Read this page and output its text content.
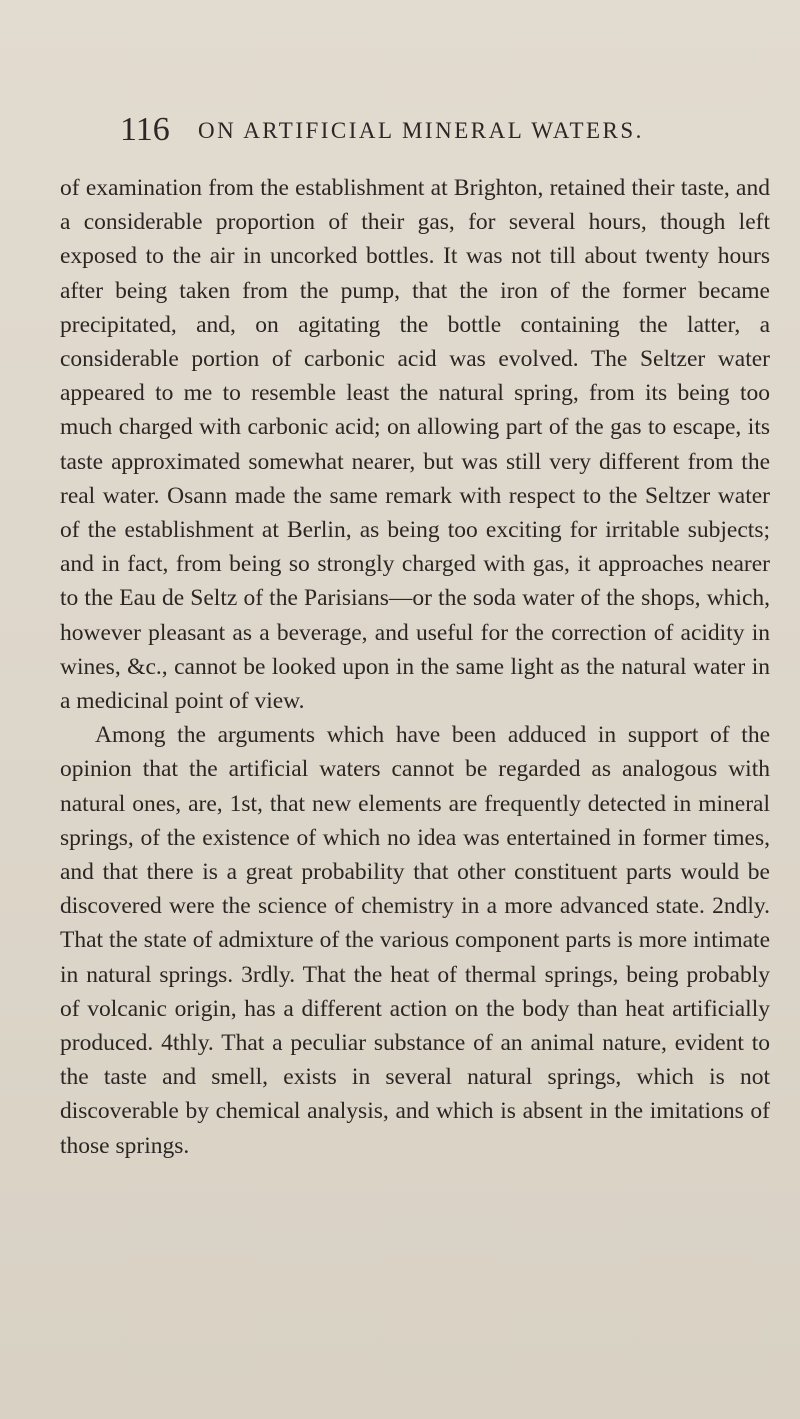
116 ON ARTIFICIAL MINERAL WATERS.

of examination from the establishment at Brighton, retained their taste, and a considerable proportion of their gas, for several hours, though left exposed to the air in uncorked bottles. It was not till about twenty hours after being taken from the pump, that the iron of the former became precipitated, and, on agitating the bottle containing the latter, a considerable portion of carbonic acid was evolved. The Seltzer water appeared to me to resemble least the natural spring, from its being too much charged with carbonic acid; on allowing part of the gas to escape, its taste approximated somewhat nearer, but was still very different from the real water. Osann made the same remark with respect to the Seltzer water of the establishment at Berlin, as being too exciting for irritable subjects; and in fact, from being so strongly charged with gas, it approaches nearer to the Eau de Seltz of the Parisians—or the soda water of the shops, which, however pleasant as a beverage, and useful for the correction of acidity in wines, &c., cannot be looked upon in the same light as the natural water in a medicinal point of view.

Among the arguments which have been adduced in support of the opinion that the artificial waters cannot be regarded as analogous with natural ones, are, 1st, that new elements are frequently detected in mineral springs, of the existence of which no idea was entertained in former times, and that there is a great probability that other constituent parts would be discovered were the science of chemistry in a more advanced state. 2ndly. That the state of admixture of the various component parts is more intimate in natural springs. 3rdly. That the heat of thermal springs, being probably of volcanic origin, has a different action on the body than heat artificially produced. 4thly. That a peculiar substance of an animal nature, evident to the taste and smell, exists in several natural springs, which is not discoverable by chemical analysis, and which is absent in the imitations of those springs.
